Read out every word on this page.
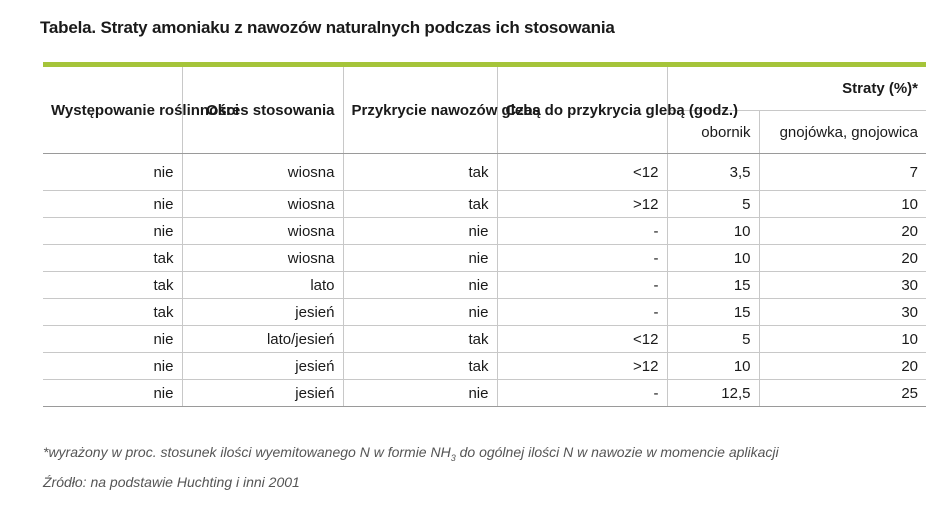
Tabela. Straty amoniaku z nawozów naturalnych podczas ich stosowania
Występowanie roślinności	Okres stosowania	Przykrycie nawozów glebą	Czas do przykrycia glebą (godz.)	Straty (%)*	
				obornik	gnojówka, gnojowica
nie	wiosna	tak	<12	3,5	7
nie	wiosna	tak	>12	5	10
nie	wiosna	nie	-	10	20
tak	wiosna	nie	-	10	20
tak	lato	nie	-	15	30
tak	jesień	nie	-	15	30
nie	lato/jesień	tak	<12	5	10
nie	jesień	tak	>12	10	20
nie	jesień	nie	-	12,5	25
*wyrażony w proc. stosunek ilości wyemitowanego N w formie $NH_3$ do ogólnej ilości N w nawozie w momencie aplikacji
Źródło: na podstawie Huchting i inni 2001
